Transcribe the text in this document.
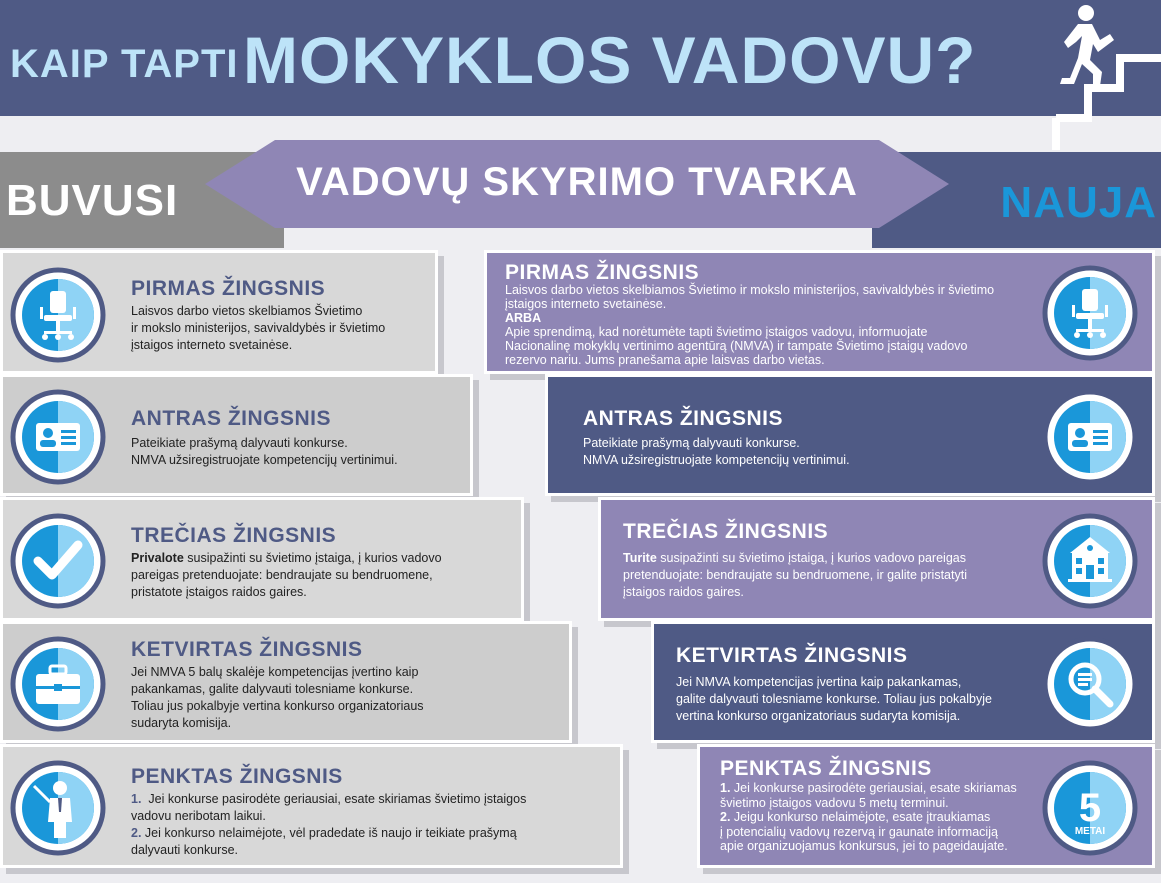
KAIP TAPTI MOKYKLOS VADOVU?
BUVUSI	NAUJA
VADOVŲ SKYRIMO TVARKA
PIRMAS ŽINGSNIS
Laisvos darbo vietos skelbiamos Švietimo
ir mokslo ministerijos, savivaldybės ir švietimo
įstaigos interneto svetainėse.
ANTRAS ŽINGSNIS
Pateikiate prašymą dalyvauti konkurse.
NMVA užsiregistruojate kompetencijų vertinimui.
TREČIAS ŽINGSNIS
Privalote susipažinti su švietimo įstaiga, į kurios vadovo
pareigas pretenduojate: bendraujate su bendruomene,
pristatote įstaigos raidos gaires.
KETVIRTAS ŽINGSNIS
Jei NMVA 5 balų skalėje kompetencijas įvertino kaip
pakankamas, galite dalyvauti tolesniame konkurse.
Toliau jus pokalbyje vertina konkurso organizatoriaus
sudaryta komisija.
PENKTAS ŽINGSNIS
1. Jei konkurse pasirodėte geriausiai, esate skiriamas švietimo įstaigos
vadovu neribotam laikui.
2. Jei konkurso nelaimėjote, vėl pradedate iš naujo ir teikiate prašymą
dalyvauti konkurse.
PIRMAS ŽINGSNIS
Laisvos darbo vietos skelbiamos Švietimo ir mokslo ministerijos, savivaldybės ir švietimo
įstaigos interneto svetainėse.
ARBA
Apie sprendimą, kad norėtumėte tapti švietimo įstaigos vadovu, informuojate
Nacionalinę mokyklų vertinimo agentūrą (NMVA) ir tampate Švietimo įstaigų vadovo
rezervo nariu. Jums pranešama apie laisvas darbo vietas.
ANTRAS ŽINGSNIS
Pateikiate prašymą dalyvauti konkurse.
NMVA užsiregistruojate kompetencijų vertinimui.
TREČIAS ŽINGSNIS
Turite susipažinti su švietimo įstaiga, į kurios vadovo pareigas
pretenduojate: bendraujate su bendruomene, ir galite pristatyti
įstaigos raidos gaires.
KETVIRTAS ŽINGSNIS
Jei NMVA kompetencijas įvertina kaip pakankamas,
galite dalyvauti tolesniame konkurse. Toliau jus pokalbyje
vertina konkurso organizatoriaus sudaryta komisija.
PENKTAS ŽINGSNIS
1. Jei konkurse pasirodėte geriausiai, esate skiriamas
švietimo įstaigos vadovu 5 metų terminui.
2. Jeigu konkurso nelaimėjote, esate įtraukiamas
į potencialių vadovų rezervą ir gaunate informaciją
apie organizuojamus konkursus, jei to pageidaujate.
5
METAI
